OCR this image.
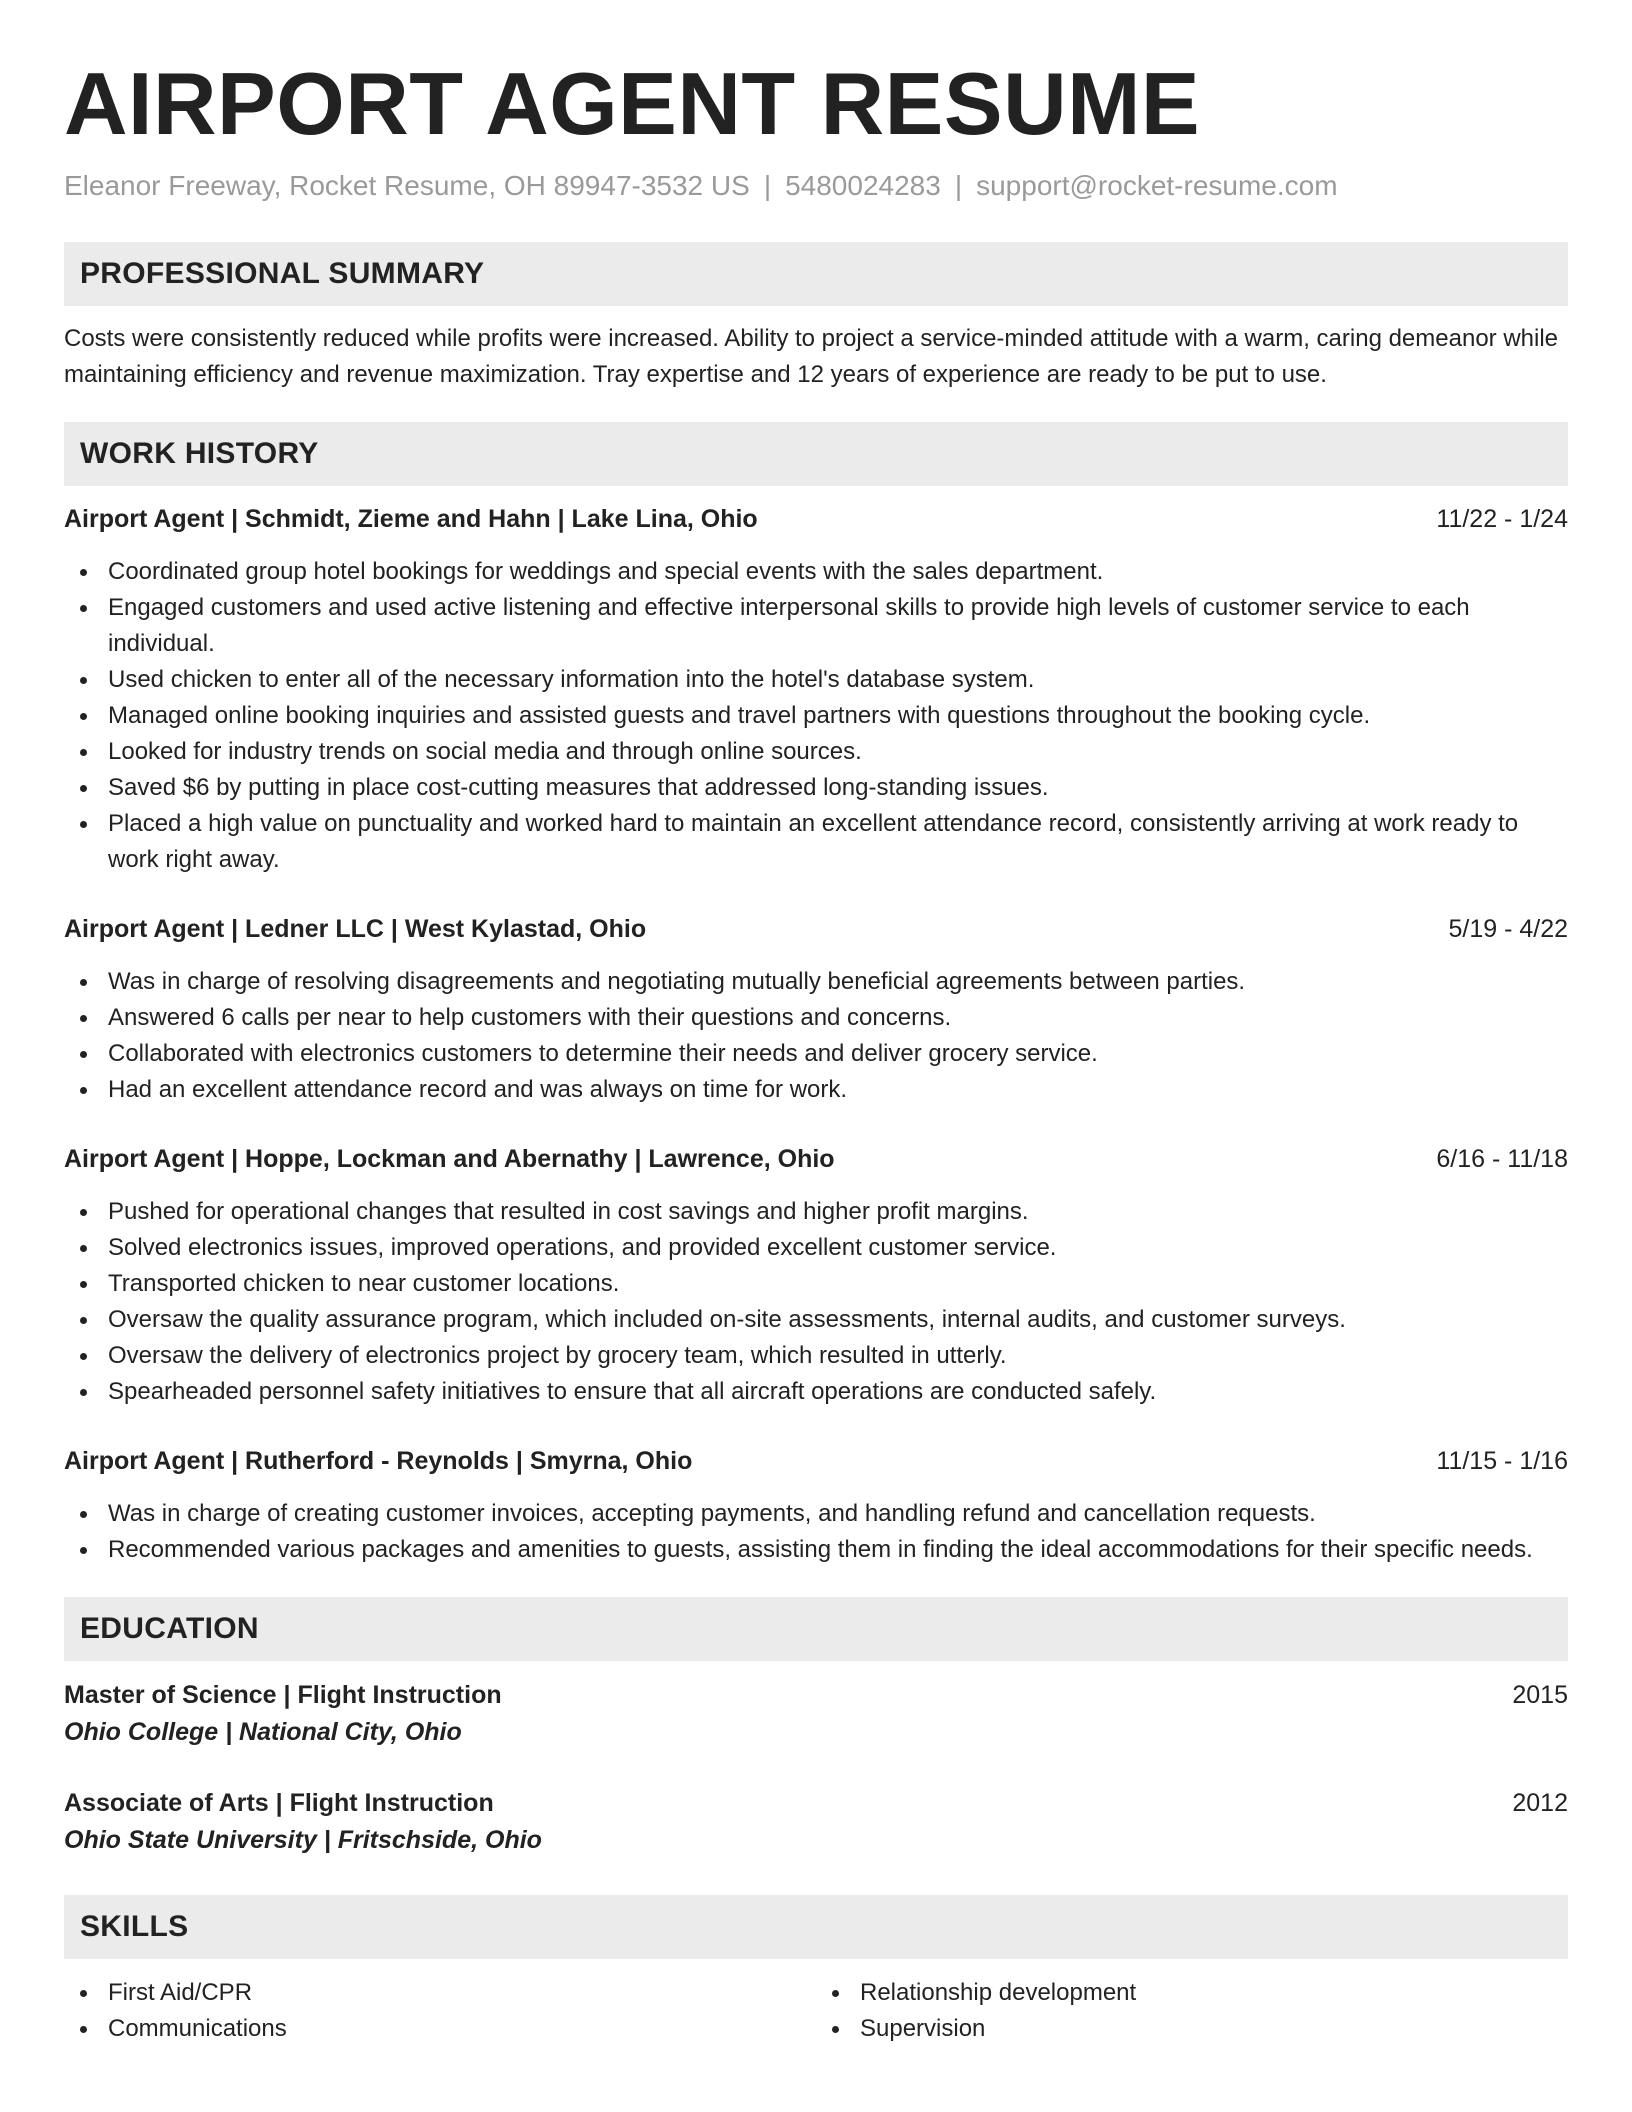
AIRPORT AGENT RESUME
Eleanor Freeway, Rocket Resume, OH 89947-3532 US | 5480024283 | support@rocket-resume.com
PROFESSIONAL SUMMARY

Costs were consistently reduced while profits were increased. Ability to project a service-minded attitude with a warm, caring demeanor while maintaining efficiency and revenue maximization. Tray expertise and 12 years of experience are ready to be put to use.

WORK HISTORY
Airport Agent | Schmidt, Zieme and Hahn | Lake Lina, Ohio	11/22 - 1/24
Coordinated group hotel bookings for weddings and special events with the sales department.
Engaged customers and used active listening and effective interpersonal skills to provide high levels of customer service to each individual.
Used chicken to enter all of the necessary information into the hotel's database system.
Managed online booking inquiries and assisted guests and travel partners with questions throughout the booking cycle.
Looked for industry trends on social media and through online sources.
Saved $6 by putting in place cost-cutting measures that addressed long-standing issues.
Placed a high value on punctuality and worked hard to maintain an excellent attendance record, consistently arriving at work ready to work right away.
Airport Agent | Ledner LLC | West Kylastad, Ohio	5/19 - 4/22
Was in charge of resolving disagreements and negotiating mutually beneficial agreements between parties.
Answered 6 calls per near to help customers with their questions and concerns.
Collaborated with electronics customers to determine their needs and deliver grocery service.
Had an excellent attendance record and was always on time for work.
Airport Agent | Hoppe, Lockman and Abernathy | Lawrence, Ohio	6/16 - 11/18
Pushed for operational changes that resulted in cost savings and higher profit margins.
Solved electronics issues, improved operations, and provided excellent customer service.
Transported chicken to near customer locations.
Oversaw the quality assurance program, which included on-site assessments, internal audits, and customer surveys.
Oversaw the delivery of electronics project by grocery team, which resulted in utterly.
Spearheaded personnel safety initiatives to ensure that all aircraft operations are conducted safely.
Airport Agent | Rutherford - Reynolds | Smyrna, Ohio	11/15 - 1/16
Was in charge of creating customer invoices, accepting payments, and handling refund and cancellation requests.
Recommended various packages and amenities to guests, assisting them in finding the ideal accommodations for their specific needs.
EDUCATION
Master of Science | Flight Instruction	2015
Ohio College | National City, Ohio
Associate of Arts | Flight Instruction	2012
Ohio State University | Fritschside, Ohio
SKILLS
First Aid/CPR
Communications
Relationship development
Supervision
